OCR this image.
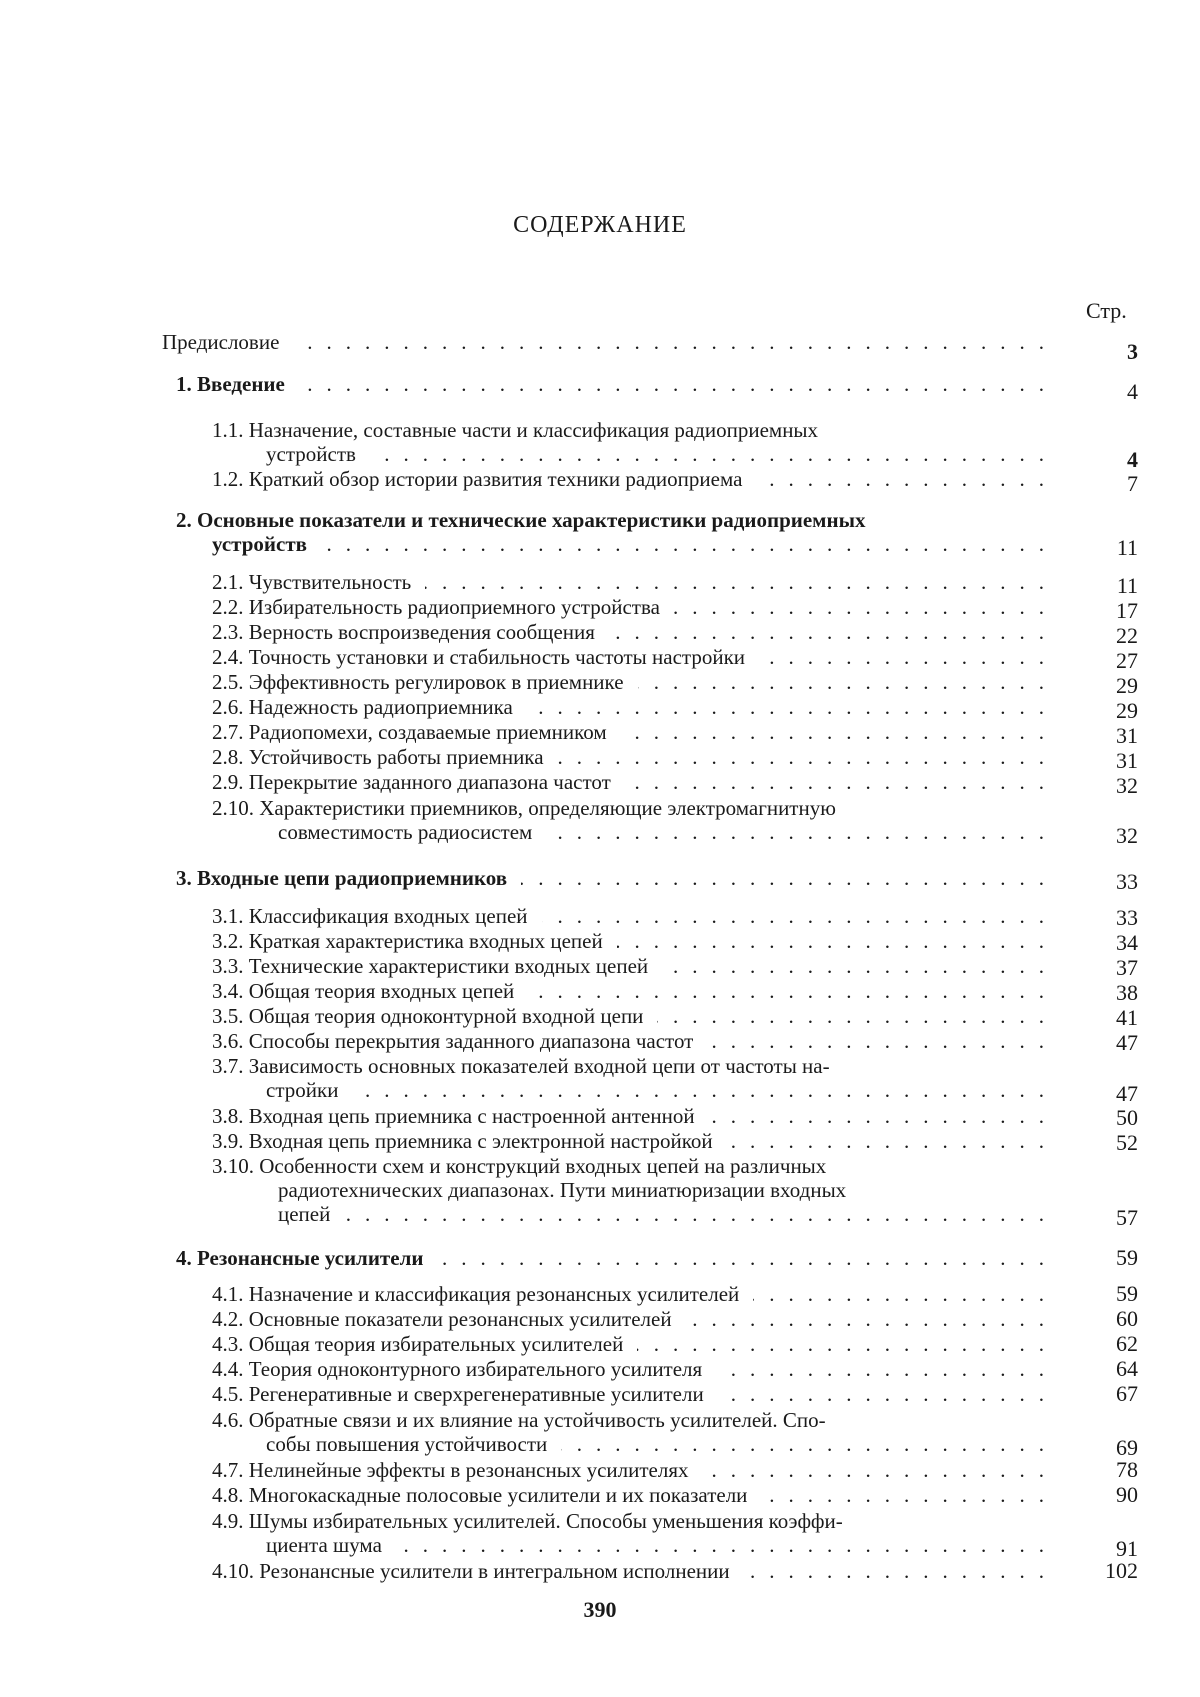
СОДЕРЖАНИЕ
Стр.
Предисловие	3
1. Введение	4
1.1. Назначение, составные части и классификация радиоприемных
устройств	4
1.2. Краткий обзор истории развития техники радиоприема	7
2. Основные показатели и технические характеристики радиоприемных
устройств	11
2.1. Чувствительность	11
2.2. Избирательность радиоприемного устройства	17
2.3. Верность воспроизведения сообщения	22
2.4. Точность установки и стабильность частоты настройки	27
2.5. Эффективность регулировок в приемнике	29
2.6. Надежность радиоприемника	29
2.7. Радиопомехи, создаваемые приемником	31
2.8. Устойчивость работы приемника	31
2.9. Перекрытие заданного диапазона частот	32
2.10. Характеристики приемников, определяющие электромагнитную
совместимость радиосистем	32
3. Входные цепи радиоприемников	33
3.1. Классификация входных цепей	33
3.2. Краткая характеристика входных цепей	34
3.3. Технические характеристики входных цепей	37
3.4. Общая теория входных цепей	38
3.5. Общая теория одноконтурной входной цепи	41
3.6. Способы перекрытия заданного диапазона частот	47
3.7. Зависимость основных показателей входной цепи от частоты на-
стройки	47
3.8. Входная цепь приемника с настроенной антенной	50
3.9. Входная цепь приемника с электронной настройкой	52
3.10. Особенности схем и конструкций входных цепей на различных
радиотехнических диапазонах. Пути миниатюризации входных
цепей	57
4. Резонансные усилители	59
4.1. Назначение и классификация резонансных усилителей	59
4.2. Основные показатели резонансных усилителей	60
4.3. Общая теория избирательных усилителей	62
4.4. Теория одноконтурного избирательного усилителя	64
4.5. Регенеративные и сверхрегенеративные усилители	67
4.6. Обратные связи и их влияние на устойчивость усилителей. Спо-
собы повышения устойчивости	69
4.7. Нелинейные эффекты в резонансных усилителях	78
4.8. Многокаскадные полосовые усилители и их показатели	90
4.9. Шумы избирательных усилителей. Способы уменьшения коэффи-
циента шума	91
4.10. Резонансные усилители в интегральном исполнении	102
390
.......................................
.......................................
...................................
...............
......................................
.................................
....................
.......................
...............
......................
..............................
......................
..........................
......................
..........................
..............................
..........................
.......................
....................
..............................
....................
..................
.....................................
..................
.................
.....................................
................................
...............
...................
......................
..................
.................
..........................
..................
...............
..................................
................
